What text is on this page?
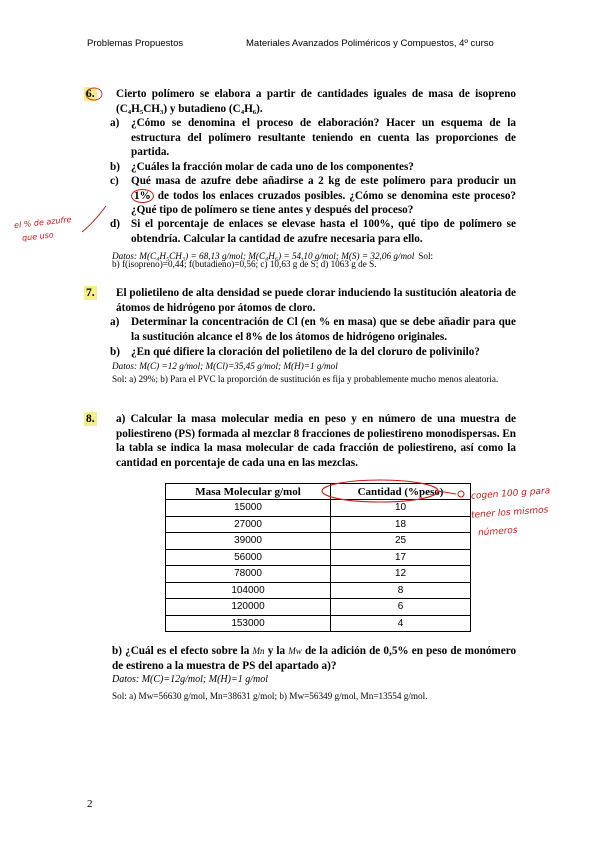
Problemas Propuestos	Materiales Avanzados Poliméricos y Compuestos, 4º curso
6. Cierto polímero se elabora a partir de cantidades iguales de masa de isopreno (C₄H₅CH₃) y butadieno (C₄H₆).
a) ¿Cómo se denomina el proceso de elaboración? Hacer un esquema de la estructura del polímero resultante teniendo en cuenta las proporciones de partida.
b) ¿Cuáles la fracción molar de cada uno de los componentes?
c) Qué masa de azufre debe añadirse a 2 kg de este polímero para producir un 1% de todos los enlaces cruzados posibles. ¿Cómo se denomina este proceso? ¿Qué tipo de polímero se tiene antes y después del proceso?
d) Si el porcentaje de enlaces se elevase hasta el 100%, qué tipo de polímero se obtendría. Calcular la cantidad de azufre necesaria para ello.
Datos: M(C₄H₅CH₃) = 68,13 g/mol; M(C₄H₆) = 54,10 g/mol; M(S) = 32,06 g/mol Sol:
b) f(isopreno)=0,44; f(butadieno)=0,56; c) 10,63 g de S; d) 1063 g de S.
7. El polietileno de alta densidad se puede clorar induciendo la sustitución aleatoria de átomos de hidrógeno por átomos de cloro.
a) Determinar la concentración de Cl (en % en masa) que se debe añadir para que la sustitución alcance el 8% de los átomos de hidrógeno originales.
b) ¿En qué difiere la cloración del polietileno de la del cloruro de polivinilo?
Datos: M(C) =12 g/mol; M(Cl)=35,45 g/mol; M(H)=1 g/mol
Sol: a) 29%; b) Para el PVC la proporción de sustitución es fija y probablemente mucho menos aleatoria.
8. a) Calcular la masa molecular media en peso y en número de una muestra de poliestireno (PS) formada al mezclar 8 fracciones de poliestireno monodispersas. En la tabla se indica la masa molecular de cada fracción de poliestireno, así como la cantidad en porcentaje de cada una en las mezclas.
Masa Molecular g/mol	Cantidad (%peso)
15000	10
27000	18
39000	25
56000	17
78000	12
104000	8
120000	6
153000	4
b) ¿Cuál es el efecto sobre la Mn y la Mw de la adición de 0,5% en peso de monómero de estireno a la muestra de PS del apartado a)?
Datos: M(C)=12g/mol; M(H)=1 g/mol
Sol: a) Mw=56630 g/mol, Mn=38631 g/mol; b) Mw=56349 g/mol, Mn=13554 g/mol.
el % de azufre
que uso
cogen 100 g para
tener los mismos
números
2
